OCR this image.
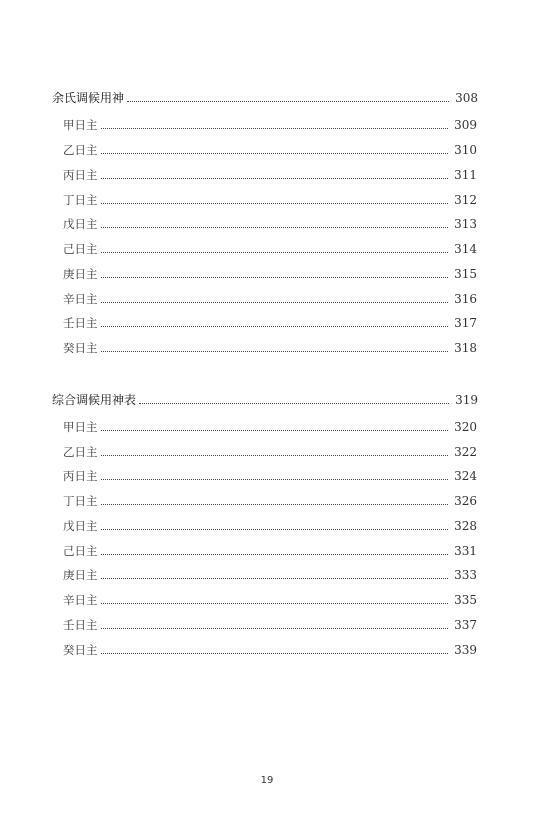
余氏调候用神	308
甲日主	309
乙日主	310
丙日主	311
丁日主	312
戊日主	313
己日主	314
庚日主	315
辛日主	316
壬日主	317
癸日主	318
综合调候用神表	319
甲日主	320
乙日主	322
丙日主	324
丁日主	326
戊日主	328
己日主	331
庚日主	333
辛日主	335
壬日主	337
癸日主	339
19
